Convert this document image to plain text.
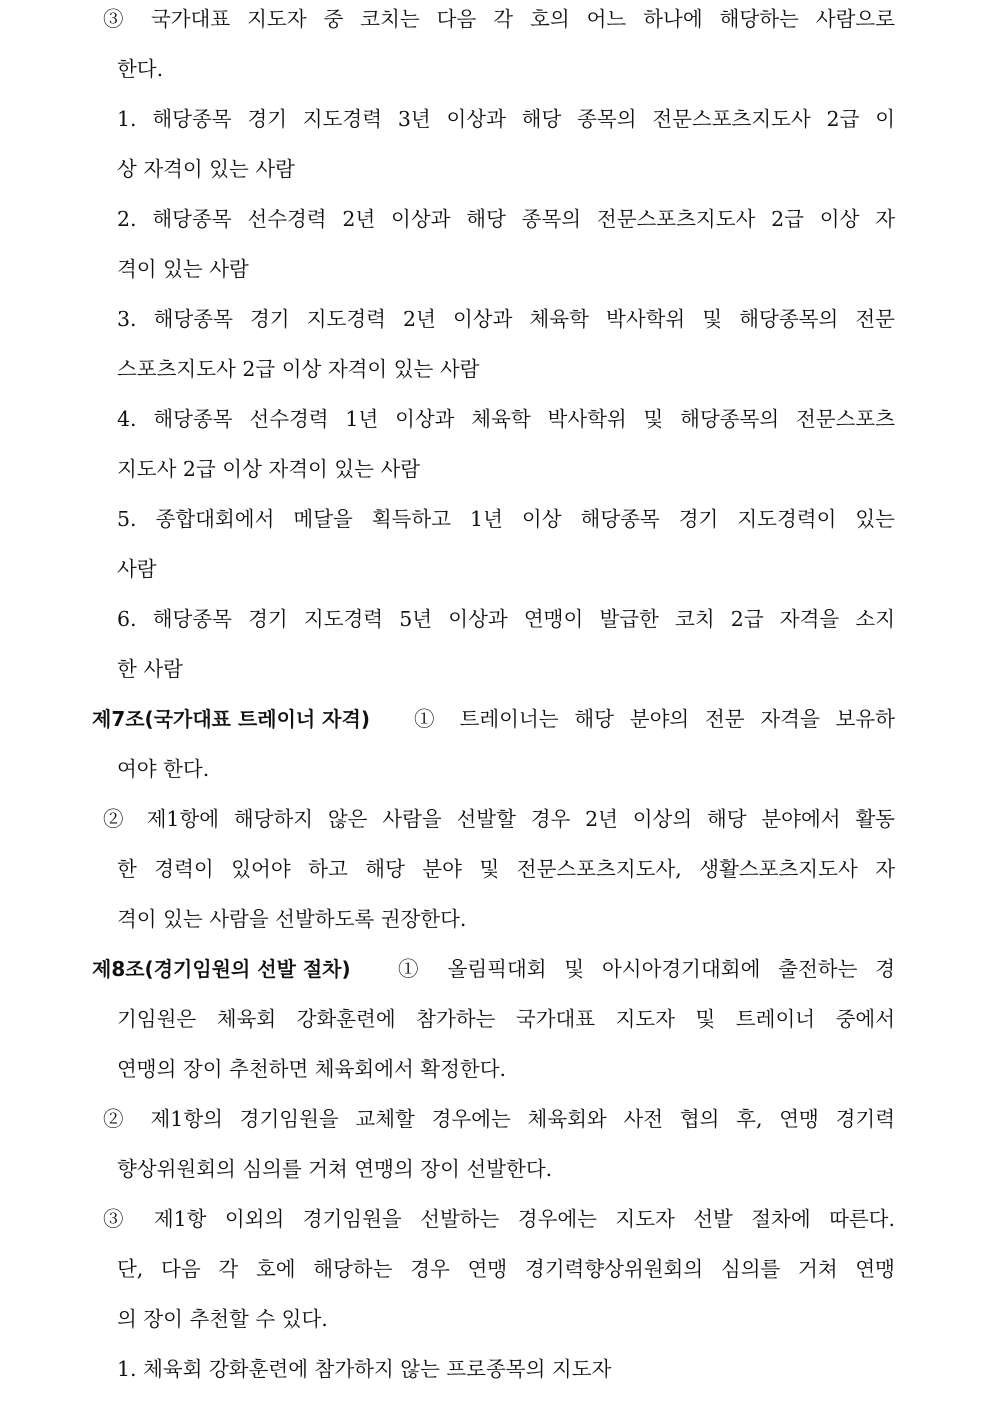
③ 국가대표 지도자 중 코치는 다음 각 호의 어느 하나에 해당하는 사람으로
한다.
1. 해당종목 경기 지도경력 3년 이상과 해당 종목의 전문스포츠지도사 2급 이
상 자격이 있는 사람
2. 해당종목 선수경력 2년 이상과 해당 종목의 전문스포츠지도사 2급 이상 자
격이 있는 사람
3. 해당종목 경기 지도경력 2년 이상과 체육학 박사학위 및 해당종목의 전문
스포츠지도사 2급 이상 자격이 있는 사람
4. 해당종목 선수경력 1년 이상과 체육학 박사학위 및 해당종목의 전문스포츠
지도사 2급 이상 자격이 있는 사람
5. 종합대회에서 메달을 획득하고 1년 이상 해당종목 경기 지도경력이 있는
사람
6. 해당종목 경기 지도경력 5년 이상과 연맹이 발급한 코치 2급 자격을 소지
한 사람
제7조(국가대표 트레이너 자격) ① 트레이너는 해당 분야의 전문 자격을 보유하
여야 한다.
② 제1항에 해당하지 않은 사람을 선발할 경우 2년 이상의 해당 분야에서 활동
한 경력이 있어야 하고 해당 분야 및 전문스포츠지도사, 생활스포츠지도사 자
격이 있는 사람을 선발하도록 권장한다.
제8조(경기임원의 선발 절차) ① 올림픽대회 및 아시아경기대회에 출전하는 경
기임원은 체육회 강화훈련에 참가하는 국가대표 지도자 및 트레이너 중에서
연맹의 장이 추천하면 체육회에서 확정한다.
② 제1항의 경기임원을 교체할 경우에는 체육회와 사전 협의 후, 연맹 경기력
향상위원회의 심의를 거쳐 연맹의 장이 선발한다.
③ 제1항 이외의 경기임원을 선발하는 경우에는 지도자 선발 절차에 따른다.
단, 다음 각 호에 해당하는 경우 연맹 경기력향상위원회의 심의를 거쳐 연맹
의 장이 추천할 수 있다.
1. 체육회 강화훈련에 참가하지 않는 프로종목의 지도자
